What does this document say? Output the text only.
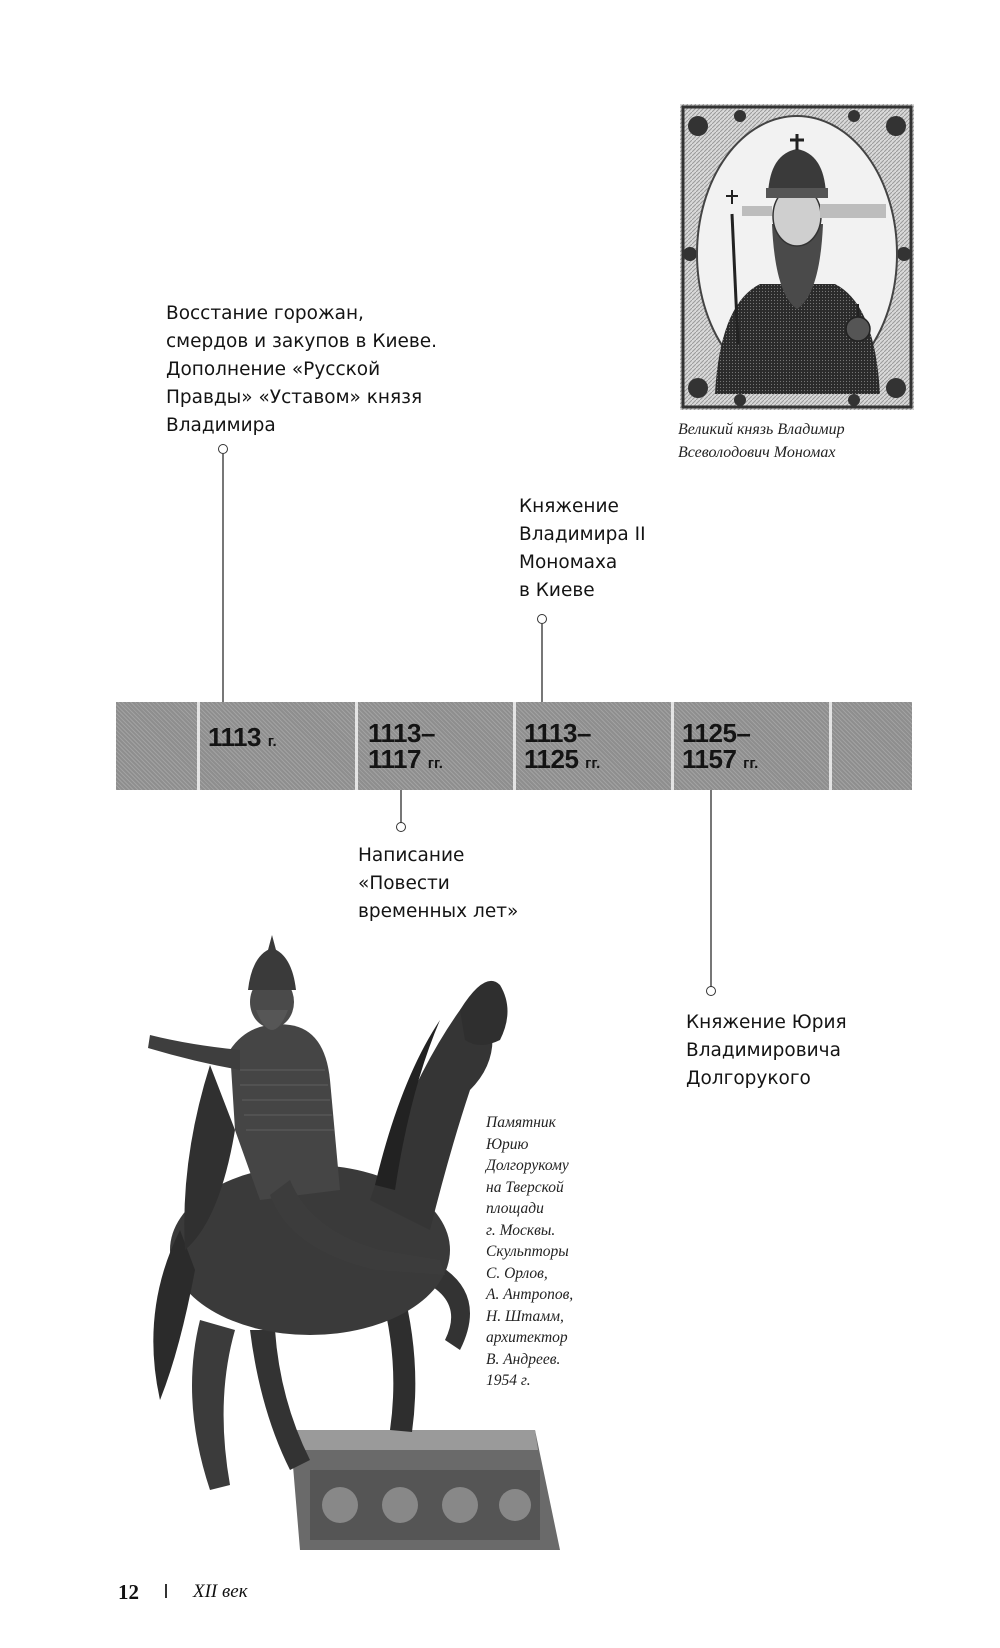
Великий князь Владимир
Всеволодович Мономах
Восстание горожан,
смердов и закупов в Киеве.
Дополнение «Русской
Правды» «Уставом» князя
Владимира
Княжение
Владимира II
Мономаха
в Киеве
1113 г.	1113–
1117 гг.
1113–
1125 гг.
1125–
1157 гг.
Написание
«Повести
временных лет»
Княжение Юрия
Владимировича
Долгорукого
Памятник
Юрию
Долгорукому
на Тверской
площади
г. Москвы.
Скульпторы
С. Орлов,
А. Антропов,
Н. Штамм,
архитектор
В. Андреев.
1954 г.
12	XII век
